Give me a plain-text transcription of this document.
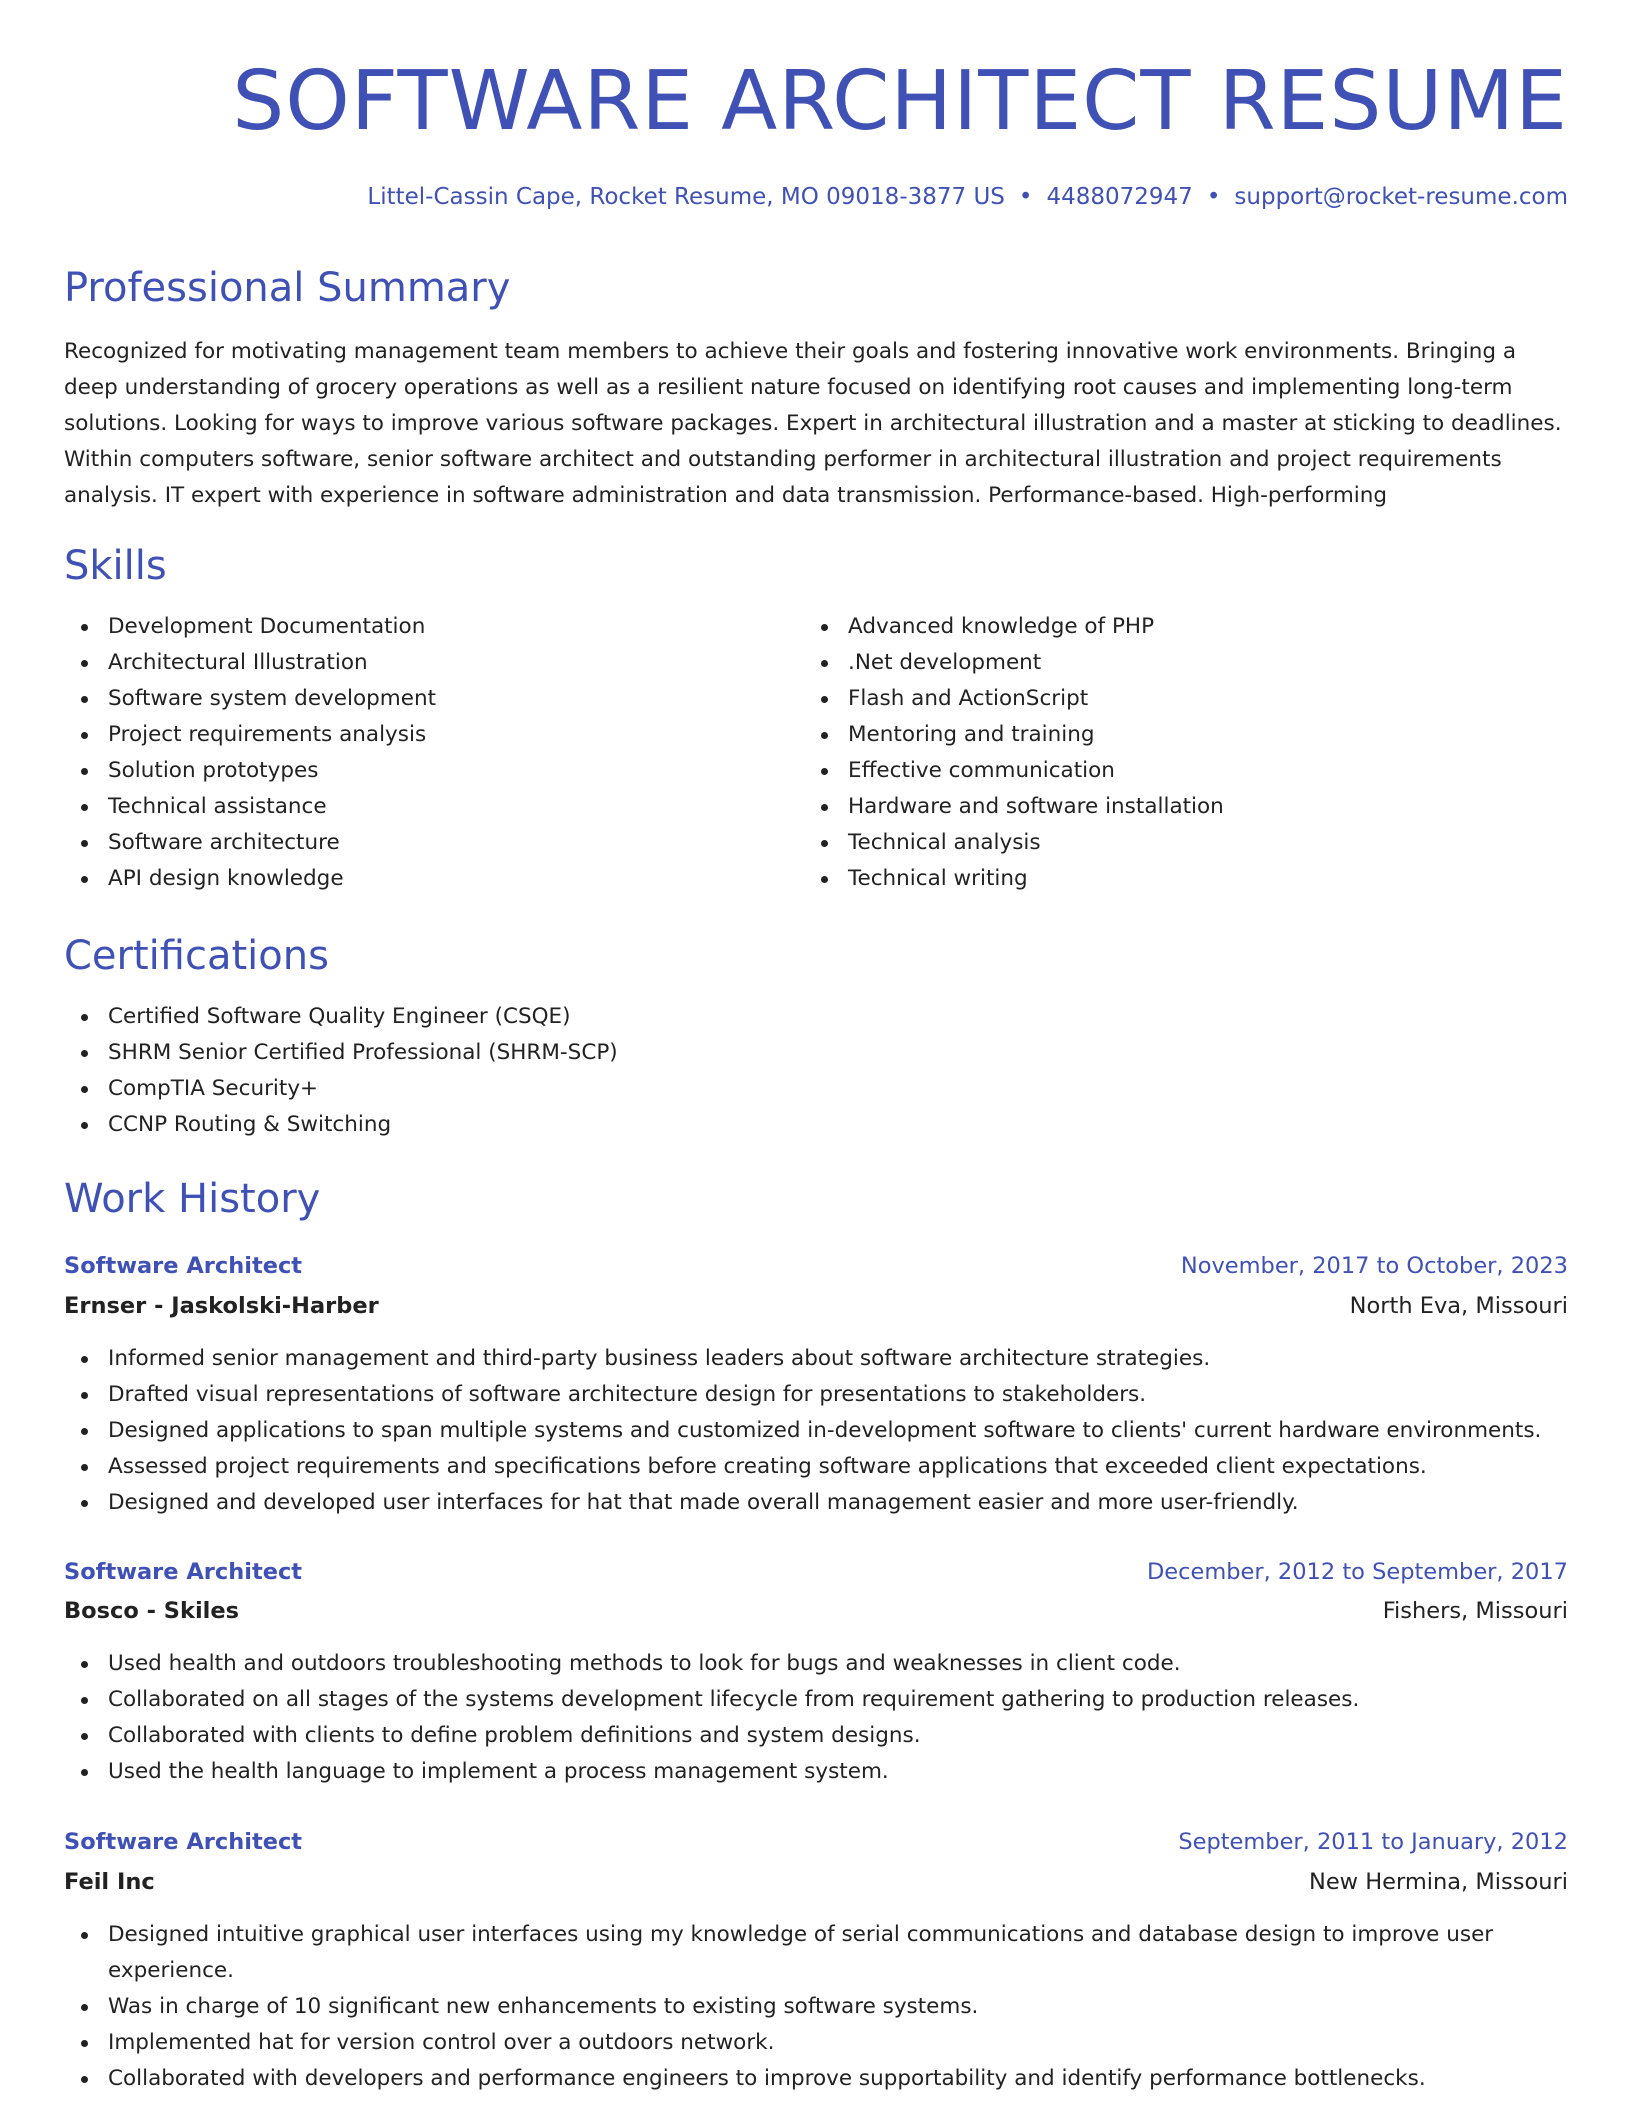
SOFTWARE ARCHITECT RESUME
Littel-Cassin Cape, Rocket Resume, MO 09018-3877 US • 4488072947 • support@rocket-resume.com
Professional Summary

Recognized for motivating management team members to achieve their goals and fostering innovative work environments. Bringing a deep understanding of grocery operations as well as a resilient nature focused on identifying root causes and implementing long-term solutions. Looking for ways to improve various software packages. Expert in architectural illustration and a master at sticking to deadlines. Within computers software, senior software architect and outstanding performer in architectural illustration and project requirements analysis. IT expert with experience in software administration and data transmission. Performance-based. High-performing

Skills
Development Documentation
Architectural Illustration
Software system development
Project requirements analysis
Solution prototypes
Technical assistance
Software architecture
API design knowledge
Advanced knowledge of PHP
.Net development
Flash and ActionScript
Mentoring and training
Effective communication
Hardware and software installation
Technical analysis
Technical writing
Certifications
Certified Software Quality Engineer (CSQE)
SHRM Senior Certified Professional (SHRM-SCP)
CompTIA Security+
CCNP Routing & Switching
Work History
Software Architect	November, 2017 to October, 2023
Ernser - Jaskolski-Harber	North Eva, Missouri
Informed senior management and third-party business leaders about software architecture strategies.
Drafted visual representations of software architecture design for presentations to stakeholders.
Designed applications to span multiple systems and customized in-development software to clients' current hardware environments.
Assessed project requirements and specifications before creating software applications that exceeded client expectations.
Designed and developed user interfaces for hat that made overall management easier and more user-friendly.
Software Architect	December, 2012 to September, 2017
Bosco - Skiles	Fishers, Missouri
Used health and outdoors troubleshooting methods to look for bugs and weaknesses in client code.
Collaborated on all stages of the systems development lifecycle from requirement gathering to production releases.
Collaborated with clients to define problem definitions and system designs.
Used the health language to implement a process management system.
Software Architect	September, 2011 to January, 2012
Feil Inc	New Hermina, Missouri
Designed intuitive graphical user interfaces using my knowledge of serial communications and database design to improve user experience.
Was in charge of 10 significant new enhancements to existing software systems.
Implemented hat for version control over a outdoors network.
Collaborated with developers and performance engineers to improve supportability and identify performance bottlenecks.
